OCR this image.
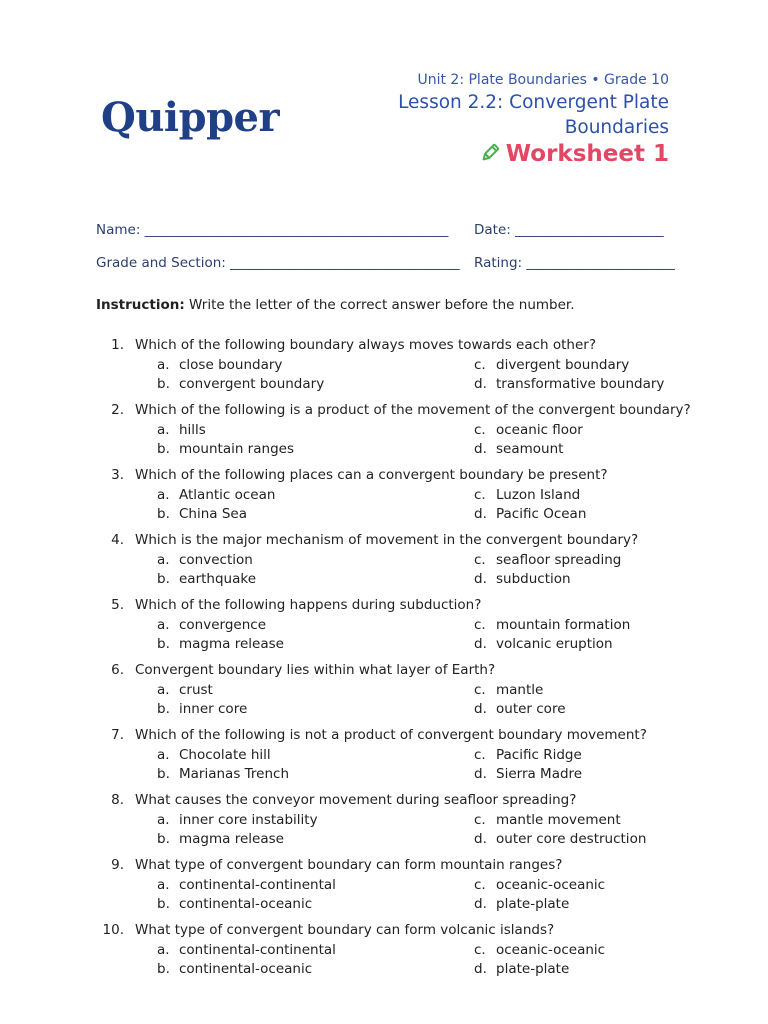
Quipper
Unit 2: Plate Boundaries • Grade 10
Lesson 2.2: Convergent Plate
Boundaries
Worksheet 1
Name: _____________________________________________ Date: ______________________
Grade and Section: __________________________________ Rating: ______________________
Instruction: Write the letter of the correct answer before the number.
1. Which of the following boundary always moves towards each other?
a. close boundary
b. convergent boundary
c. divergent boundary
d. transformative boundary
2. Which of the following is a product of the movement of the convergent boundary?
a. hills
b. mountain ranges
c. oceanic floor
d. seamount
3. Which of the following places can a convergent boundary be present?
a. Atlantic ocean
b. China Sea
c. Luzon Island
d. Pacific Ocean
4. Which is the major mechanism of movement in the convergent boundary?
a. convection
b. earthquake
c. seafloor spreading
d. subduction
5. Which of the following happens during subduction?
a. convergence
b. magma release
c. mountain formation
d. volcanic eruption
6. Convergent boundary lies within what layer of Earth?
a. crust
b. inner core
c. mantle
d. outer core
7. Which of the following is not a product of convergent boundary movement?
a. Chocolate hill
b. Marianas Trench
c. Pacific Ridge
d. Sierra Madre
8. What causes the conveyor movement during seafloor spreading?
a. inner core instability
b. magma release
c. mantle movement
d. outer core destruction
9. What type of convergent boundary can form mountain ranges?
a. continental-continental
b. continental-oceanic
c. oceanic-oceanic
d. plate-plate
10. What type of convergent boundary can form volcanic islands?
a. continental-continental
b. continental-oceanic
c. oceanic-oceanic
d. plate-plate
